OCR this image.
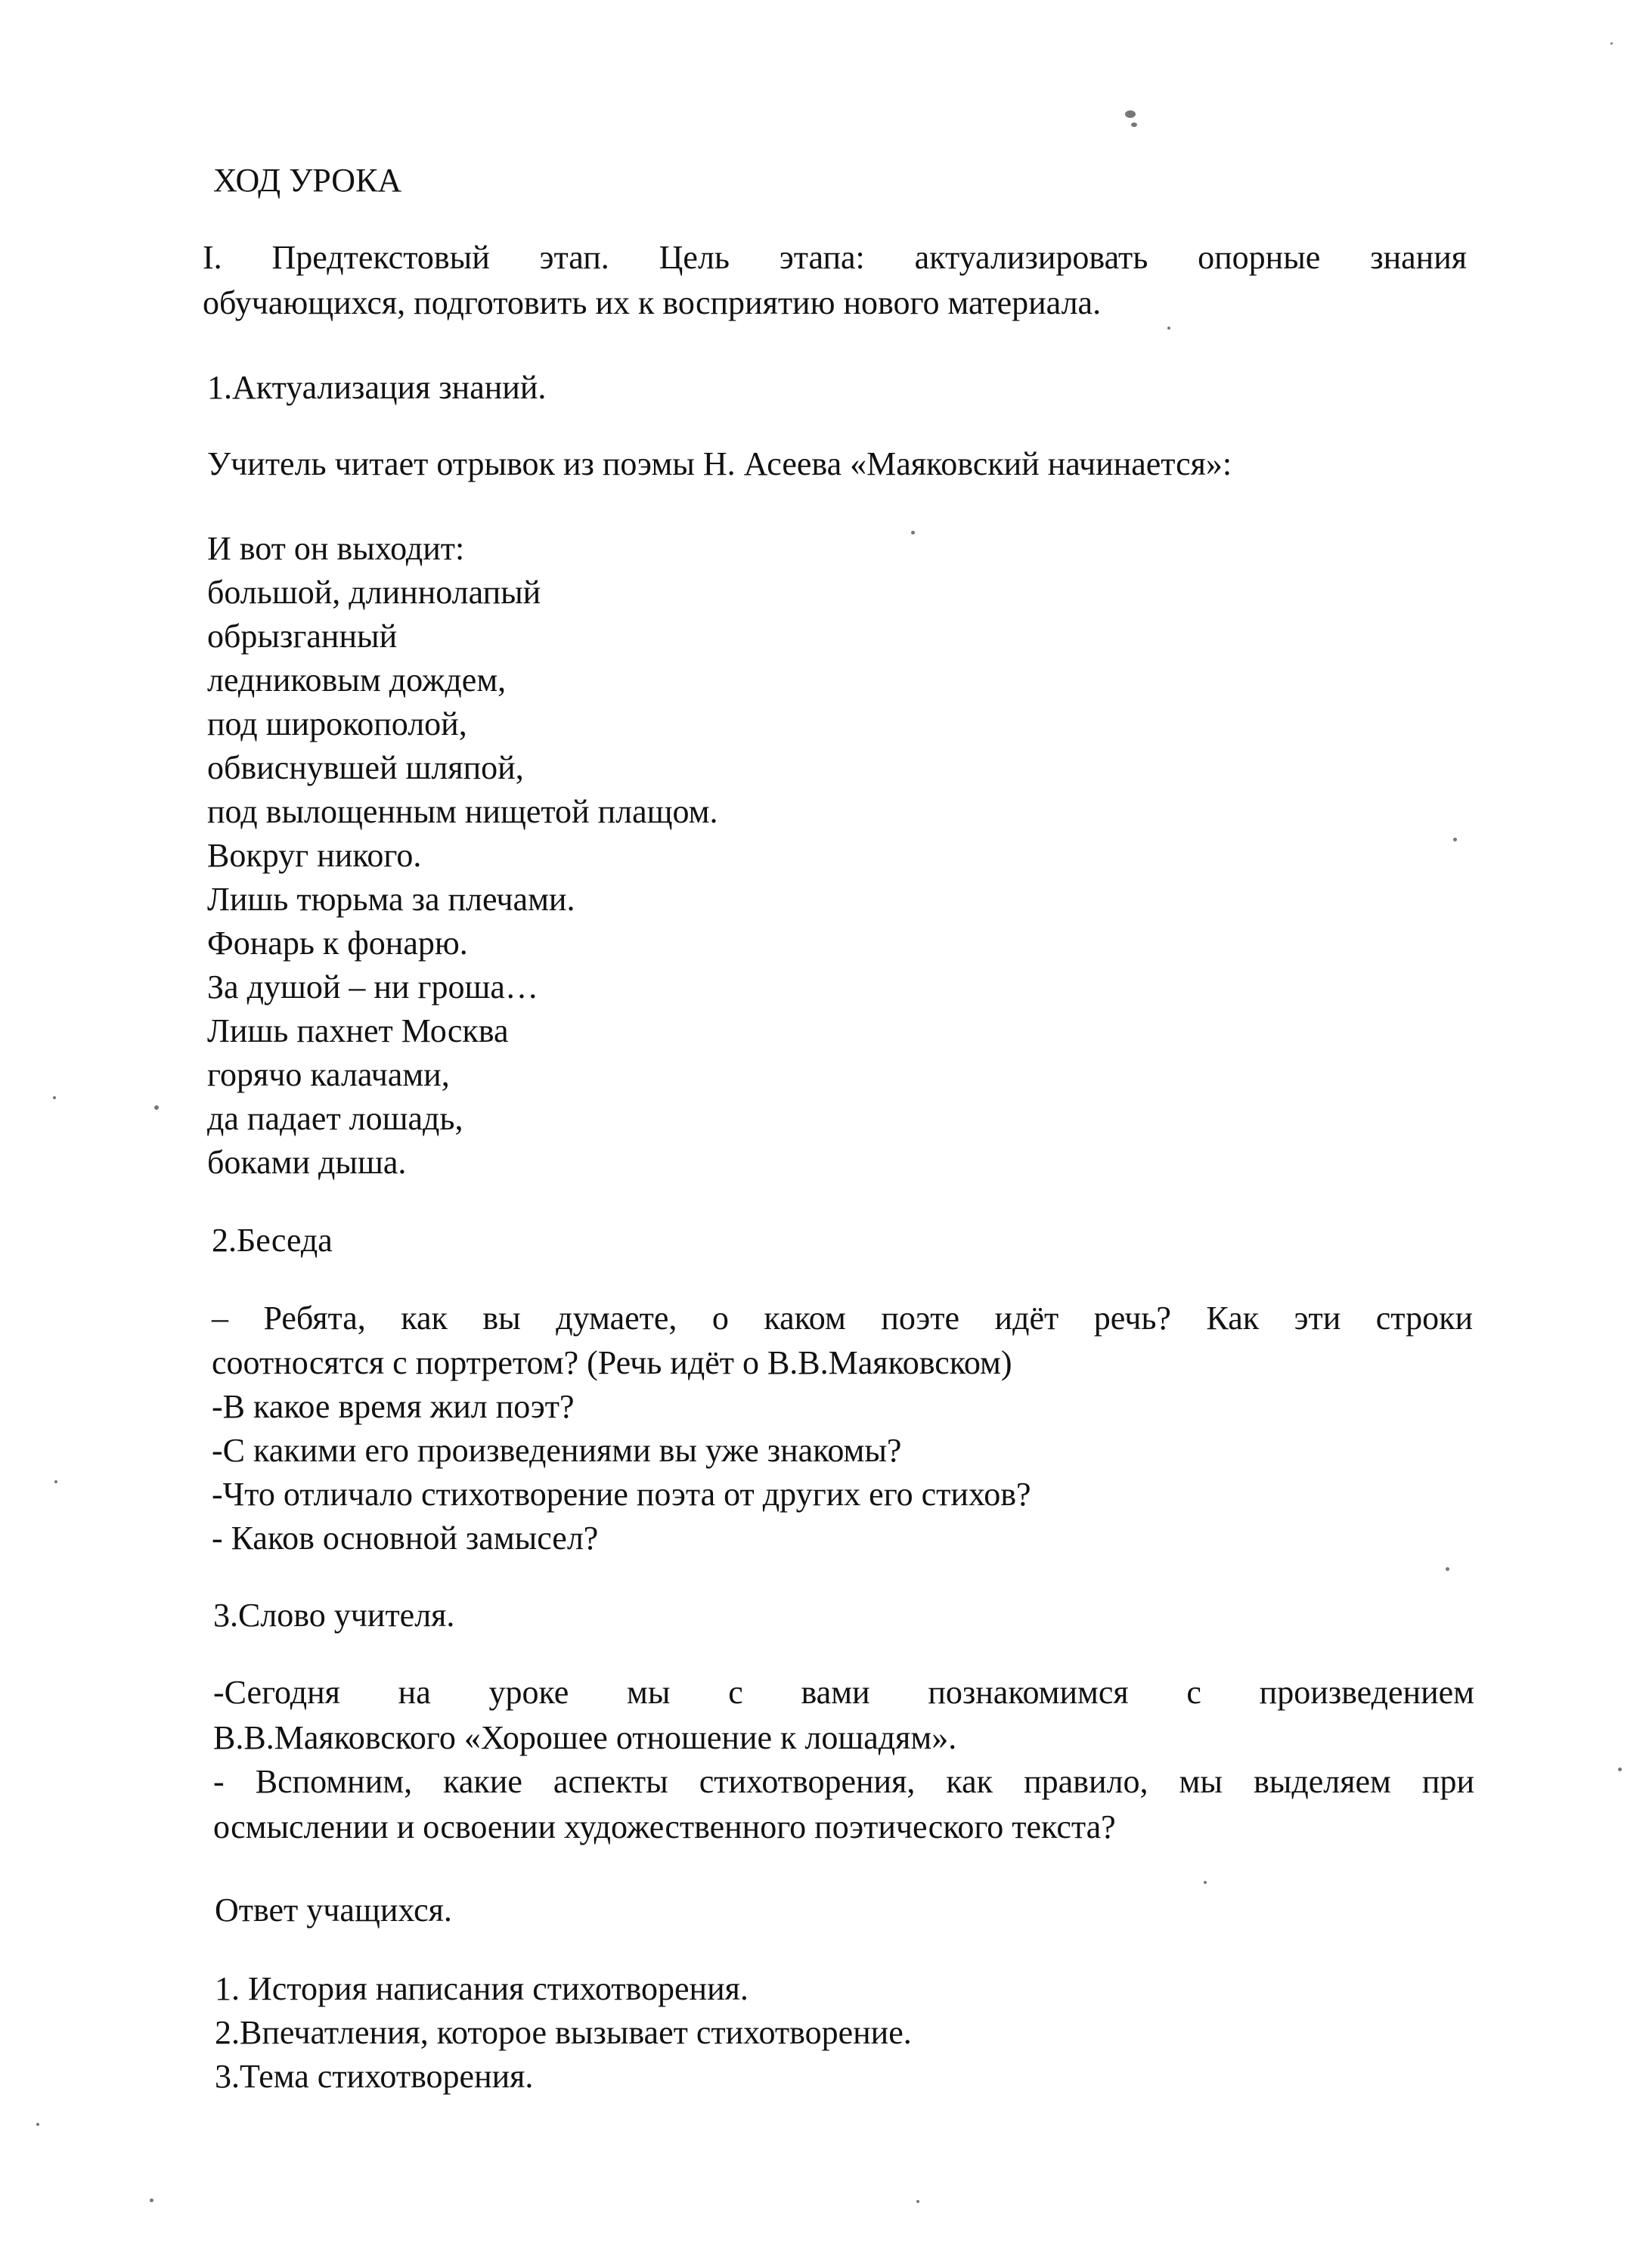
ХОД УРОКА

I. Предтекстовый этап. Цель этапа: актуализировать опорные знания

обучающихся, подготовить их к восприятию нового материала.

1.Актуализация знаний.

Учитель читает отрывок из поэмы Н. Асеева «Маяковский начинается»:

И вот он выходит:

большой, длиннолапый

обрызганный

ледниковым дождем,

под широкополой,

обвиснувшей шляпой,

под вылощенным нищетой плащом.

Вокруг никого.

Лишь тюрьма за плечами.

Фонарь к фонарю.

За душой – ни гроша…

Лишь пахнет Москва

горячо калачами,

да падает лошадь,

боками дыша.

2.Беседа

– Ребята, как вы думаете, о каком поэте идёт речь? Как эти строки

соотносятся с портретом? (Речь идёт о В.В.Маяковском)

-В какое время жил поэт?

-С какими его произведениями вы уже знакомы?

-Что отличало стихотворение поэта от других его стихов?

- Каков основной замысел?

3.Слово учителя.

-Сегодня на уроке мы с вами познакомимся с произведением

В.В.Маяковского «Хорошее отношение к лошадям».

- Вспомним, какие аспекты стихотворения, как правило, мы выделяем при

осмыслении и освоении художественного поэтического текста?

Ответ учащихся.

1. История написания стихотворения.

2.Впечатления, которое вызывает стихотворение.

3.Тема стихотворения.
